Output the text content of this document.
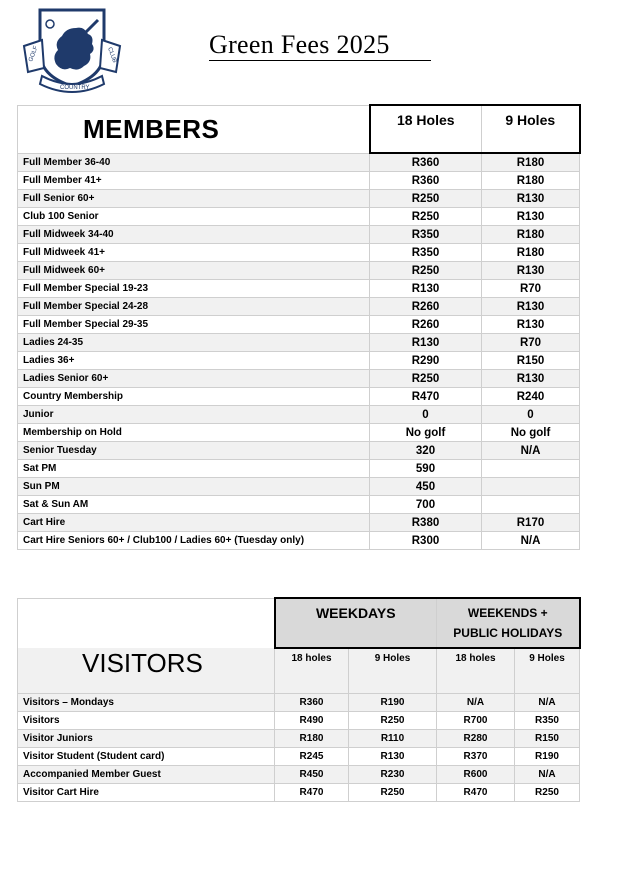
GOLF	CLUB
COUNTRY
Green Fees 2025
MEMBERS	18 Holes	9 Holes
Full Member 36-40	R360	R180
Full Member 41+	R360	R180
Full Senior 60+	R250	R130
Club 100 Senior	R250	R130
Full Midweek 34-40	R350	R180
Full Midweek 41+	R350	R180
Full Midweek 60+	R250	R130
Full Member Special 19-23	R130	R70
Full Member Special 24-28	R260	R130
Full Member Special 29-35	R260	R130
Ladies 24-35	R130	R70
Ladies 36+	R290	R150
Ladies Senior 60+	R250	R130
Country Membership	R470	R240
Junior	0	0
Membership on Hold	No golf	No golf
Senior Tuesday	320	N/A
Sat PM	590	
Sun PM	450	
Sat & Sun AM	700	
Cart Hire	R380	R170
Cart Hire Seniors 60+ / Club100 / Ladies 60+ (Tuesday only)	R300	N/A
	WEEKDAYS		WEEKENDS +
PUBLIC HOLIDAYS	

VISITORS	18 holes	9 Holes	18 holes	9 Holes
Visitors – Mondays	R360	R190	N/A	N/A
Visitors	R490	R250	R700	R350
Visitor Juniors	R180	R110	R280	R150
Visitor Student (Student card)	R245	R130	R370	R190
Accompanied Member Guest	R450	R230	R600	N/A
Visitor Cart Hire	R470	R250	R470	R250
